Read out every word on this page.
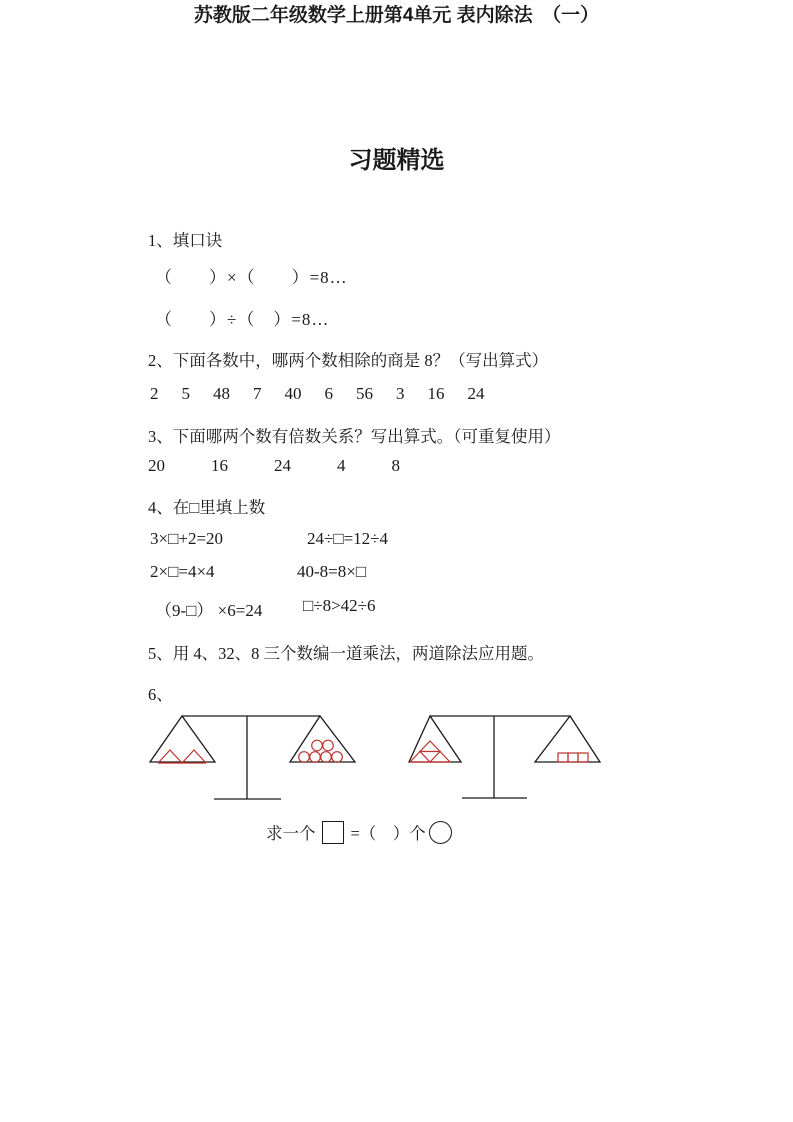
苏教版二年级数学上册第4单元 表内除法　（一）
习题精选
1、填口诀
（　　）×（　　）=8…
（　　）÷（　）=8…
2、下面各数中，哪两个数相除的商是 8？（写出算式）
2 5 48 7 40 6 56 3 16 24
3、下面哪两个数有倍数关系？写出算式。（可重复使用）
20	16	24	4	8
4、在□里填上数
3×□+2=20	24÷□=12÷4
2×□=4×4	40-8=8×□
（9-□） ×6=24 □÷8>42÷6
5、用 4、32、8 三个数编一道乘法，两道除法应用题。
6、
求一个 =（　）个
